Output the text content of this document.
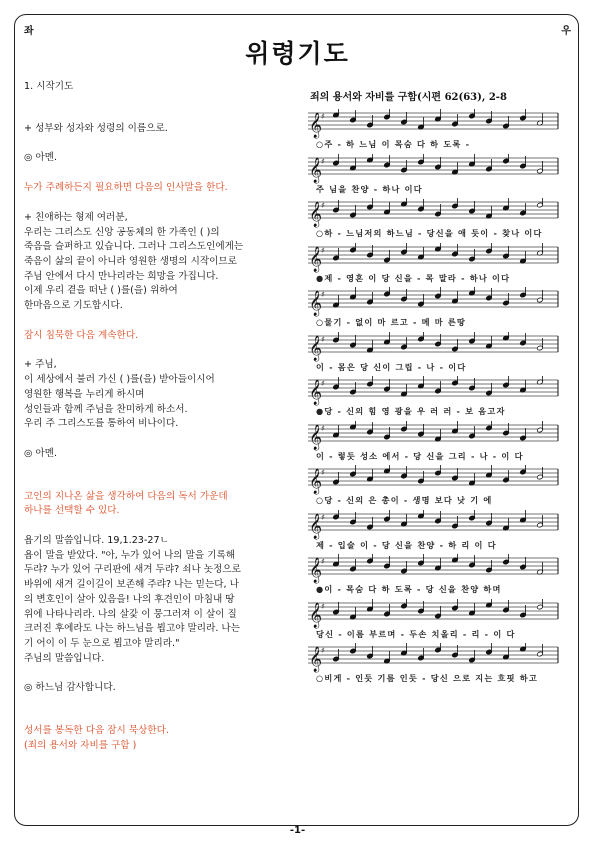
좌	우
위령기도

1. 시작기도

+ 성부와 성자와 성령의 이름으로.

◎ 아멘.

누가 주례하든지 필요하면 다음의 인사말을 한다.

+ 친애하는 형제 여러분,
우리는 그리스도 신앙 공동체의 한 가족인 ( )의
죽음을 슬퍼하고 있습니다. 그러나 그리스도인에게는
죽음이 삶의 끝이 아니라 영원한 생명의 시작이므로
주님 안에서 다시 만나리라는 희망을 가집니다.
이제 우리 곁을 떠난 ( )를(을) 위하여
한마음으로 기도합시다.

잠시 침묵한 다음 계속한다.

+ 주님,
이 세상에서 불러 가신 ( )를(을) 받아들이시어
영원한 행복을 누리게 하시며
성인들과 함께 주님을 찬미하게 하소서.
우리 주 그리스도를 통하여 비나이다.

◎ 아멘.

고인의 지나온 삶을 생각하여 다음의 독서 가운데
하나를 선택할 수 있다.

욥기의 말씀입니다. 19,1.23-27ㄴ
욥이 말을 받았다. "아, 누가 있어 나의 말을 기록해
두랴? 누가 있어 구리판에 새겨 두랴? 쇠나 놋정으로
바위에 새겨 길이길이 보존해 주랴? 나는 믿는다, 나
의 변호인이 살아 있음을! 나의 후견인이 마침내 땅
위에 나타나리라. 나의 살갗 이 뭉그러져 이 살이 질
크러진 후에라도 나는 하느님을 뵙고야 말리라. 나는
기 어이 이 두 눈으로 뵙고야 말리라."
주님의 말씀입니다.

◎ 하느님 감사합니다.

성서를 봉독한 다음 잠시 묵상한다.
(죄의 용서와 자비를 구함 )

죄의 용서와 자비를 구함(시편 62(63), 2-8
𝄞
♯
○주 - 하 느님 이 목숨 다 하 도록 -
𝄞
♯
주 님을 찬양 - 하나 이다
𝄞
♯
○하 - 느님저의 하느님 - 당신을 애 듯이 - 찾나 이다
𝄞
♯
●제 - 영혼 이 당 신을 - 목 말라 - 하나 이다
𝄞
♯
○물기 - 없이 마 르고 - 메 마 른땅
𝄞
♯
이 - 몸은 당 신이 그립 - 나 - 이다
𝄞
♯
●당 - 신의 힘 영 광을 우 러 러 - 보 옴고자
𝄞
♯
이 - 렇듯 성소 에서 - 당 신을 그리 - 나 - 이 다
𝄞
♯
○당 - 신의 은 총이 - 생명 보다 낫 기 에
𝄞
♯
제 - 입술 이 - 당 신을 찬양 - 하 리 이 다
𝄞
♯
●이 - 목숨 다 하 도록 - 당 신을 찬양 하며
𝄞
♯
당신 - 이름 부르며 - 두손 치올리 - 리 - 이 다
𝄞
♯
○비게 - 인듯 기름 인듯 - 당신 으로 지는 흐핏 하고
-1-
